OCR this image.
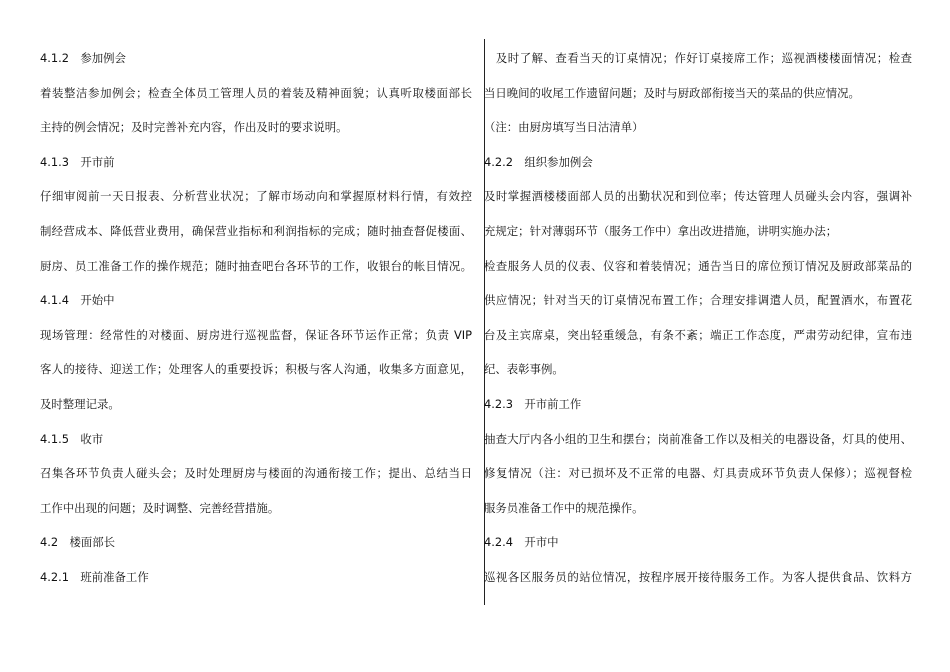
4.1.2　参加例会
着装整洁参加例会；检查全体员工管理人员的着装及精神面貌；认真听取楼面部长
主持的例会情况；及时完善补充内容，作出及时的要求说明。
4.1.3　开市前
仔细审阅前一天日报表、分析营业状况；了解市场动向和掌握原材料行情，有效控
制经营成本、降低营业费用，确保营业指标和利润指标的完成；随时抽查督促楼面、
厨房、员工准备工作的操作规范；随时抽查吧台各环节的工作，收银台的帐目情况。
4.1.4　开始中
现场管理：经常性的对楼面、厨房进行巡视监督，保证各环节运作正常；负责 VIP
客人的接待、迎送工作；处理客人的重要投诉；积极与客人沟通，收集多方面意见，
及时整理记录。
4.1.5　收市
召集各环节负责人碰头会；及时处理厨房与楼面的沟通衔接工作；提出、总结当日
工作中出现的问题；及时调整、完善经营措施。
4.2　楼面部长
4.2.1　班前准备工作
　及时了解、查看当天的订桌情况；作好订桌接席工作；巡视酒楼楼面情况；检查
当日晚间的收尾工作遗留问题；及时与厨政部衔接当天的菜品的供应情况。
（注：由厨房填写当日沽清单）
4.2.2　组织参加例会
及时掌握酒楼楼面部人员的出勤状况和到位率；传达管理人员碰头会内容，强调补
充规定；针对薄弱环节（服务工作中）拿出改进措施，讲明实施办法；
检查服务人员的仪表、仪容和着装情况；通告当日的席位预订情况及厨政部菜品的
供应情况；针对当天的订桌情况布置工作；合理安排调遣人员，配置酒水，布置花
台及主宾席桌，突出轻重缓急，有条不紊；端正工作态度，严肃劳动纪律，宣布违
纪、表彰事例。
4.2.3　开市前工作
抽查大厅内各小组的卫生和摆台；岗前准备工作以及相关的电器设备，灯具的使用、
修复情况（注：对已损坏及不正常的电器、灯具责成环节负责人保修）；巡视督检
服务员准备工作中的规范操作。
4.2.4　开市中
巡视各区服务员的站位情况，按程序展开接待服务工作。为客人提供食品、饮料方
